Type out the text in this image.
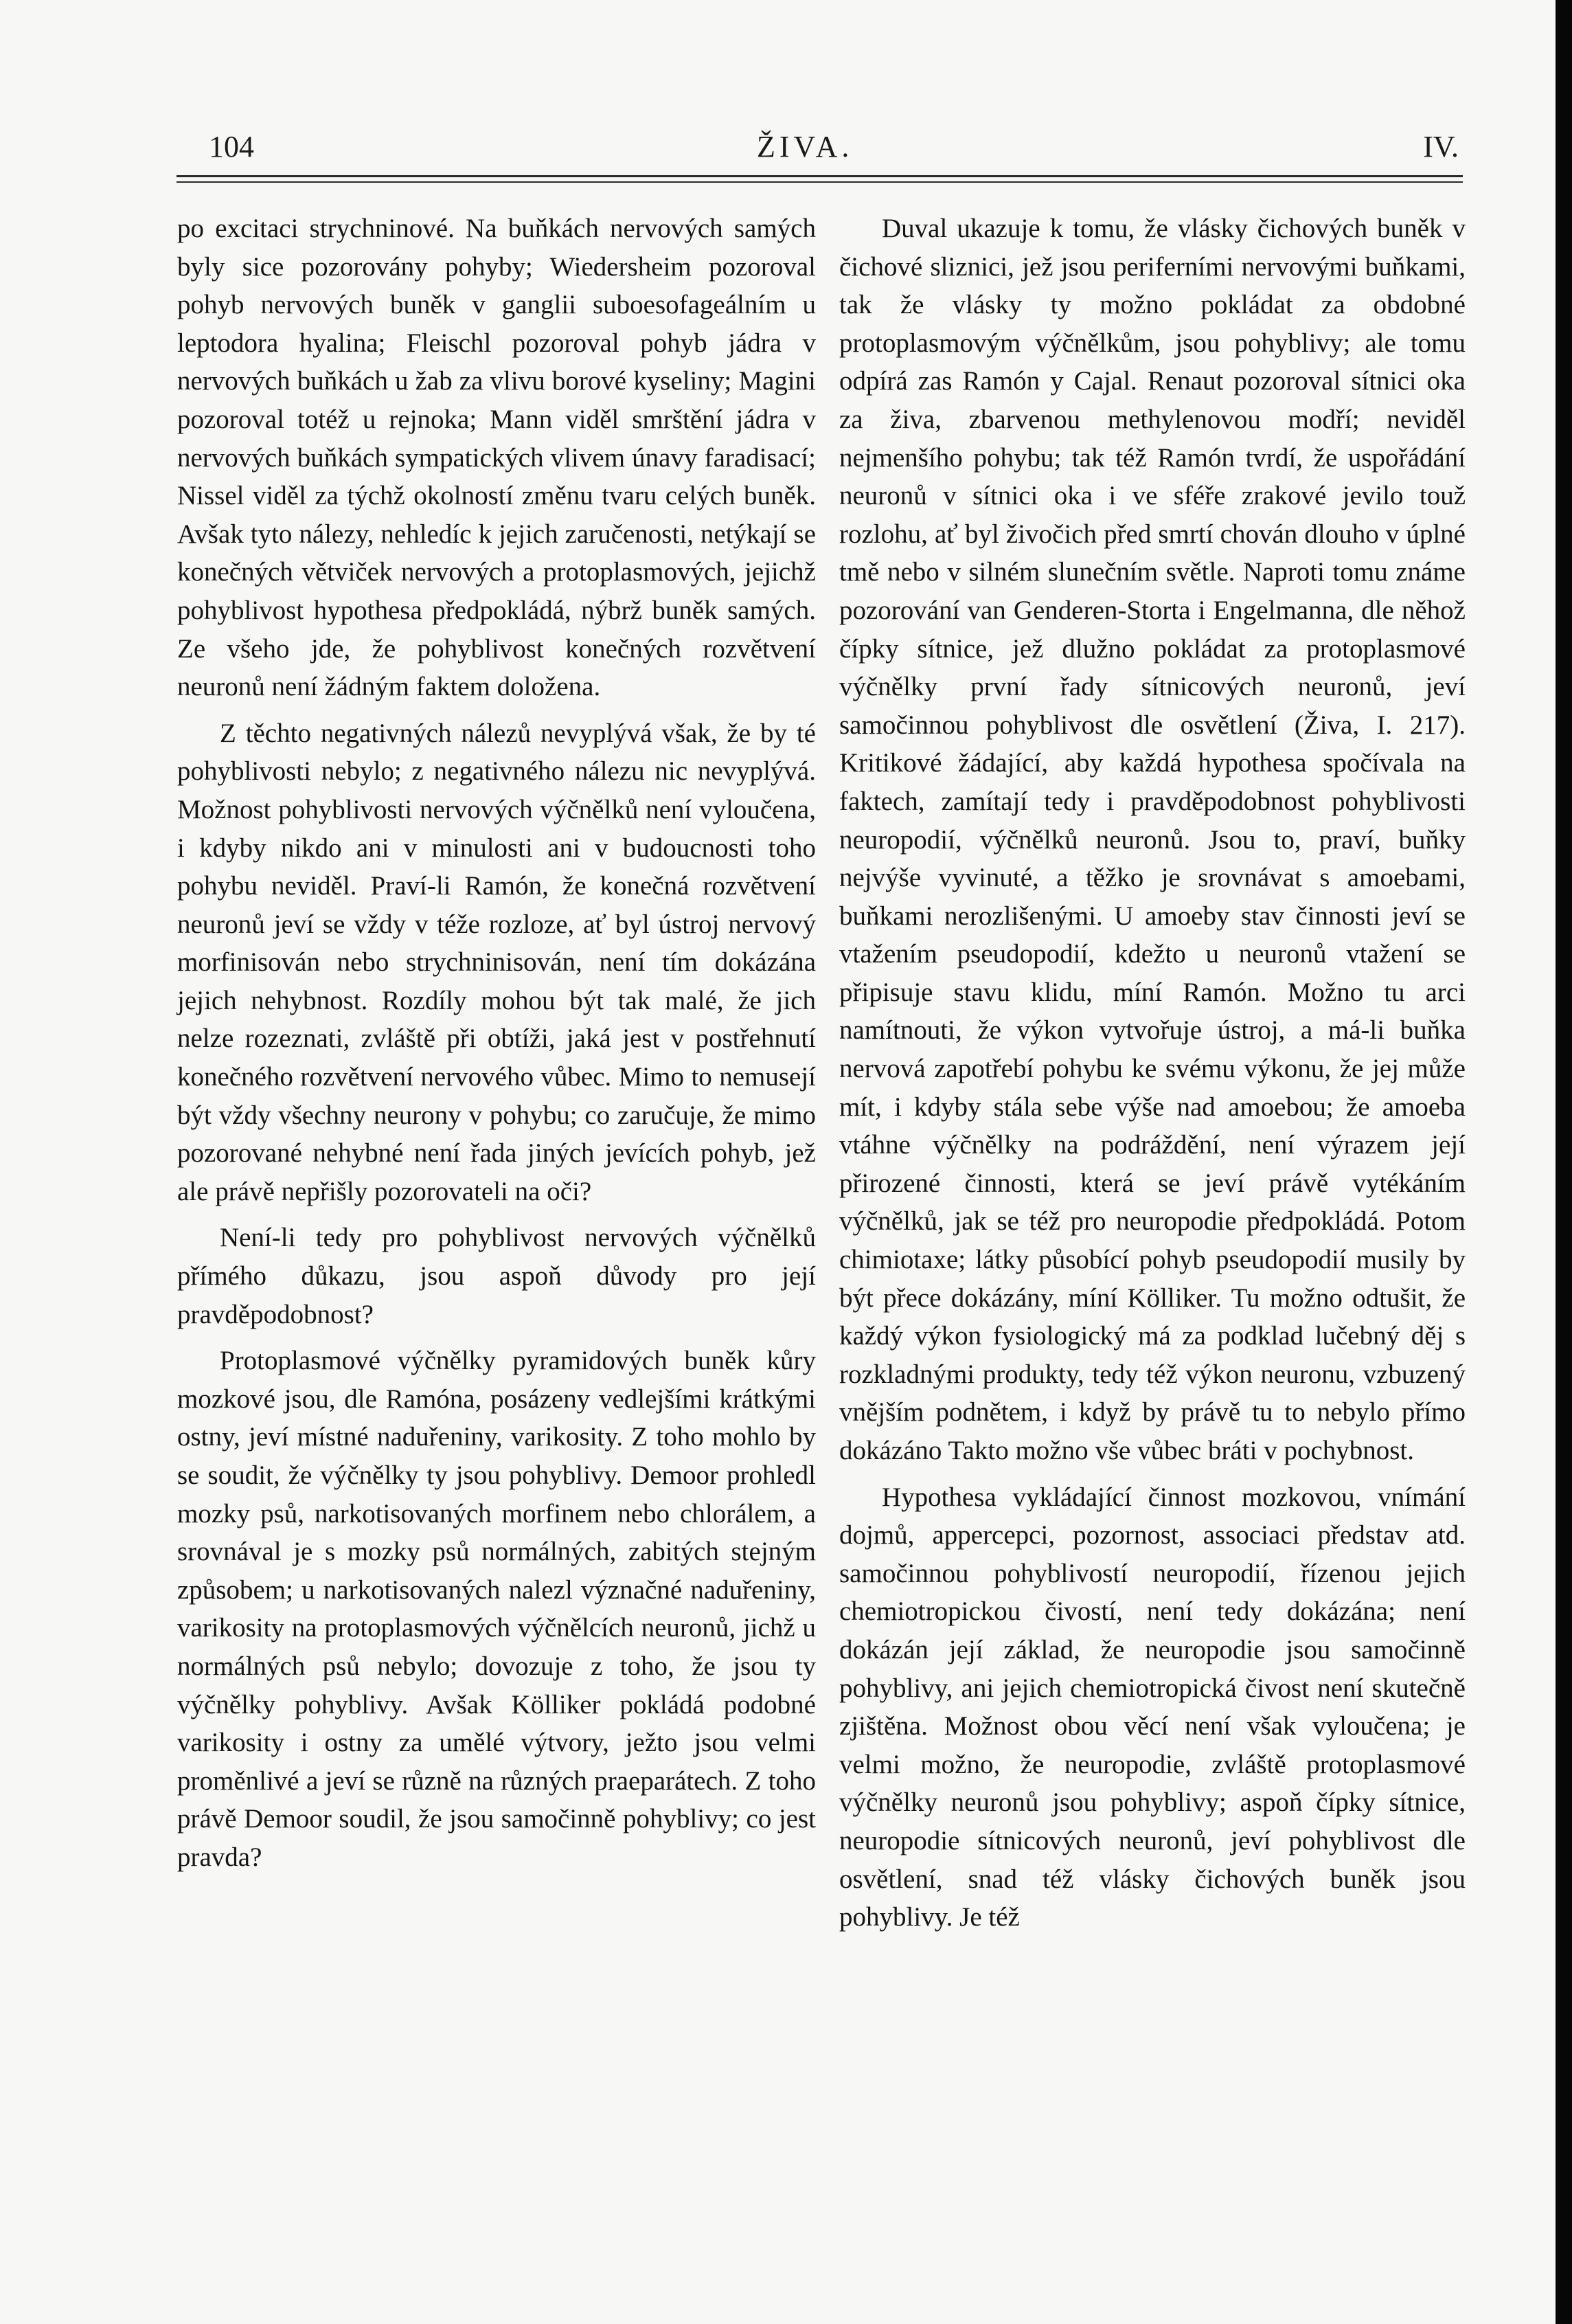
104	ŽIVA.	IV.

po excitaci strychninové. Na buňkách nervových samých byly sice pozorovány pohyby; Wiedersheim pozoroval pohyb nervových buněk v ganglii suboesofageálním u leptodora hyalina; Fleischl pozoroval pohyb jádra v nervových buňkách u žab za vlivu borové kyseliny; Magini pozoroval totéž u rejnoka; Mann viděl smrštění jádra v nervových buňkách sympatických vlivem únavy faradisací; Nissel viděl za týchž okolností změnu tvaru celých buněk. Avšak tyto nálezy, nehledíc k jejich zaručenosti, netýkají se konečných větviček nervových a protoplasmových, jejichž pohyblivost hypothesa předpokládá, nýbrž buněk samých. Ze všeho jde, že pohyblivost konečných rozvětvení neuronů není žádným faktem doložena.

Z těchto negativných nálezů nevyplývá však, že by té pohyblivosti nebylo; z negativného nálezu nic nevyplývá. Možnost pohyblivosti nervových výčnělků není vyloučena, i kdyby nikdo ani v minulosti ani v budoucnosti toho pohybu neviděl. Praví-li Ramón, že konečná rozvětvení neuronů jeví se vždy v téže rozloze, ať byl ústroj nervový morfinisován nebo strychninisován, není tím dokázána jejich nehybnost. Rozdíly mohou být tak malé, že jich nelze rozeznati, zvláště při obtíži, jaká jest v postřehnutí konečného rozvětvení nervového vůbec. Mimo to nemusejí být vždy všechny neurony v pohybu; co zaručuje, že mimo pozorované nehybné není řada jiných jevících pohyb, jež ale právě nepřišly pozorovateli na oči?

Není-li tedy pro pohyblivost nervových výčnělků přímého důkazu, jsou aspoň důvody pro její pravděpodobnost?

Protoplasmové výčnělky pyramidových buněk kůry mozkové jsou, dle Ramóna, posázeny vedlejšími krátkými ostny, jeví místné naduřeniny, varikosity. Z toho mohlo by se soudit, že výčnělky ty jsou pohyblivy. Demoor prohledl mozky psů, narkotisovaných morfinem nebo chlorálem, a srovnával je s mozky psů normálných, zabitých stejným způsobem; u narkotisovaných nalezl význačné naduřeniny, varikosity na protoplasmových výčnělcích neuronů, jichž u normálných psů nebylo; dovozuje z toho, že jsou ty výčnělky pohyblivy. Avšak Kölliker pokládá podobné varikosity i ostny za umělé výtvory, ježto jsou velmi proměnlivé a jeví se různě na různých praeparátech. Z toho právě Demoor soudil, že jsou samočinně pohyblivy; co jest pravda?

Duval ukazuje k tomu, že vlásky čichových buněk v čichové sliznici, jež jsou periferními nervovými buňkami, tak že vlásky ty možno pokládat za obdobné protoplasmovým výčnělkům, jsou pohyblivy; ale tomu odpírá zas Ramón y Cajal. Renaut pozoroval sítnici oka za živa, zbarvenou methylenovou modří; neviděl nejmenšího pohybu; tak též Ramón tvrdí, že uspořádání neuronů v sítnici oka i ve sféře zrakové jevilo touž rozlohu, ať byl živočich před smrtí chován dlouho v úplné tmě nebo v silném slunečním světle. Naproti tomu známe pozorování van Genderen-Storta i Engelmanna, dle něhož čípky sítnice, jež dlužno pokládat za protoplasmové výčnělky první řady sítnicových neuronů, jeví samočinnou pohyblivost dle osvětlení (Živa, I. 217). Kritikové žádající, aby každá hypothesa spočívala na faktech, zamítají tedy i pravděpodobnost pohyblivosti neuropodií, výčnělků neuronů. Jsou to, praví, buňky nejvýše vyvinuté, a těžko je srovnávat s amoebami, buňkami nerozlišenými. U amoeby stav činnosti jeví se vtažením pseudopodií, kdežto u neuronů vtažení se připisuje stavu klidu, míní Ramón. Možno tu arci namítnouti, že výkon vytvořuje ústroj, a má-li buňka nervová zapotřebí pohybu ke svému výkonu, že jej může mít, i kdyby stála sebe výše nad amoebou; že amoeba vtáhne výčnělky na podráždění, není výrazem její přirozené činnosti, která se jeví právě vytékáním výčnělků, jak se též pro neuropodie předpokládá. Potom chimiotaxe; látky působící pohyb pseudopodií musily by být přece dokázány, míní Kölliker. Tu možno odtušit, že každý výkon fysiologický má za podklad lučebný děj s rozkladnými produkty, tedy též výkon neuronu, vzbuzený vnějším podnětem, i když by právě tu to nebylo přímo dokázáno Takto možno vše vůbec bráti v pochybnost.

Hypothesa vykládající činnost mozkovou, vnímání dojmů, appercepci, pozornost, associaci představ atd. samočinnou pohyblivostí neuropodií, řízenou jejich chemiotropickou čivostí, není tedy dokázána; není dokázán její základ, že neuropodie jsou samočinně pohyblivy, ani jejich chemiotropická čivost není skutečně zjištěna. Možnost obou věcí není však vyloučena; je velmi možno, že neuropodie, zvláště protoplasmové výčnělky neuronů jsou pohyblivy; aspoň čípky sítnice, neuropodie sítnicových neuronů, jeví pohyblivost dle osvětlení, snad též vlásky čichových buněk jsou pohyblivy. Je též
